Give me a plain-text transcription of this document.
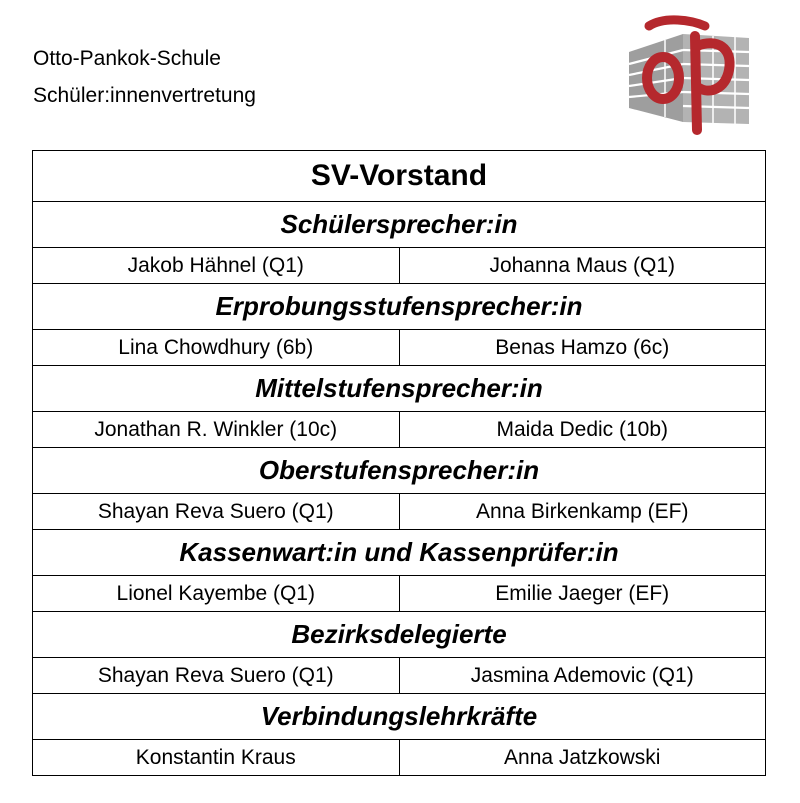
Otto-Pankok-Schule
Schüler:innenvertretung
SV-Vorstand	
Schülersprecher:in	
Jakob Hähnel (Q1)	Johanna Maus (Q1)
Erprobungsstufensprecher:in	
Lina Chowdhury (6b)	Benas Hamzo (6c)
Mittelstufensprecher:in	
Jonathan R. Winkler (10c)	Maida Dedic (10b)
Oberstufensprecher:in	
Shayan Reva Suero (Q1)	Anna Birkenkamp (EF)
Kassenwart:in und Kassenprüfer:in	
Lionel Kayembe (Q1)	Emilie Jaeger (EF)
Bezirksdelegierte	
Shayan Reva Suero (Q1)	Jasmina Ademovic (Q1)
Verbindungslehrkräfte	
Konstantin Kraus	Anna Jatzkowski
